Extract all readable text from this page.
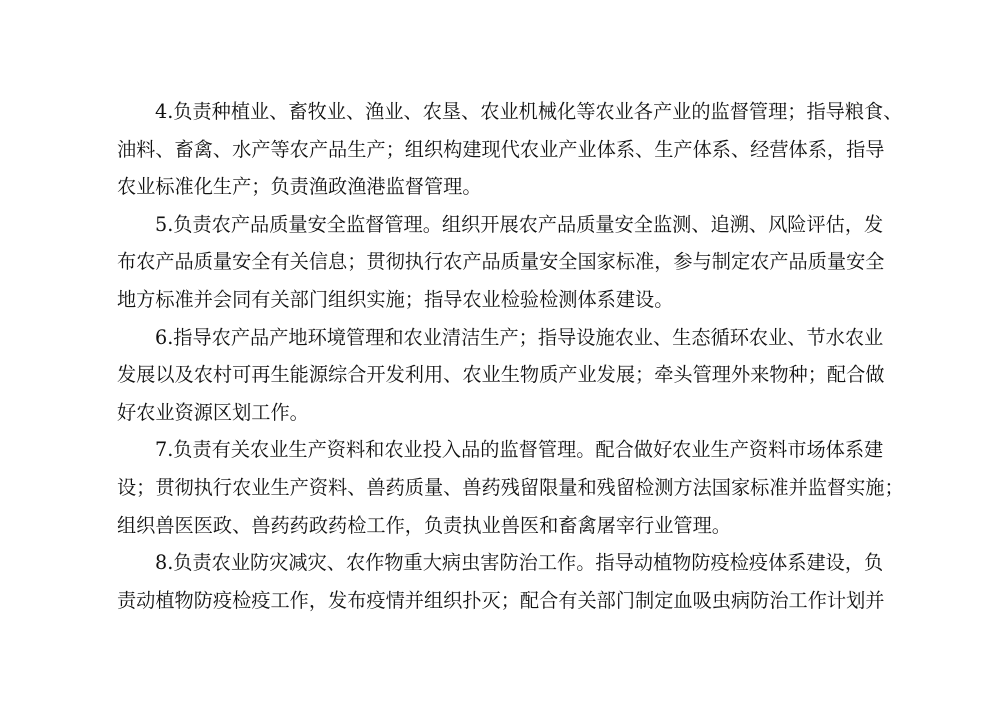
4.负责种植业、畜牧业、渔业、农垦、农业机械化等农业各产业的监督管理；指导粮食、
油料、畜禽、水产等农产品生产；组织构建现代农业产业体系、生产体系、经营体系，指导
农业标准化生产；负责渔政渔港监督管理。

5.负责农产品质量安全监督管理。组织开展农产品质量安全监测、追溯、风险评估，发
布农产品质量安全有关信息；贯彻执行农产品质量安全国家标准，参与制定农产品质量安全
地方标准并会同有关部门组织实施；指导农业检验检测体系建设。

6.指导农产品产地环境管理和农业清洁生产；指导设施农业、生态循环农业、节水农业
发展以及农村可再生能源综合开发利用、农业生物质产业发展；牵头管理外来物种；配合做
好农业资源区划工作。

7.负责有关农业生产资料和农业投入品的监督管理。配合做好农业生产资料市场体系建
设；贯彻执行农业生产资料、兽药质量、兽药残留限量和残留检测方法国家标准并监督实施；
组织兽医医政、兽药药政药检工作，负责执业兽医和畜禽屠宰行业管理。

8.负责农业防灾减灾、农作物重大病虫害防治工作。指导动植物防疫检疫体系建设，负
责动植物防疫检疫工作，发布疫情并组织扑灭；配合有关部门制定血吸虫病防治工作计划并
